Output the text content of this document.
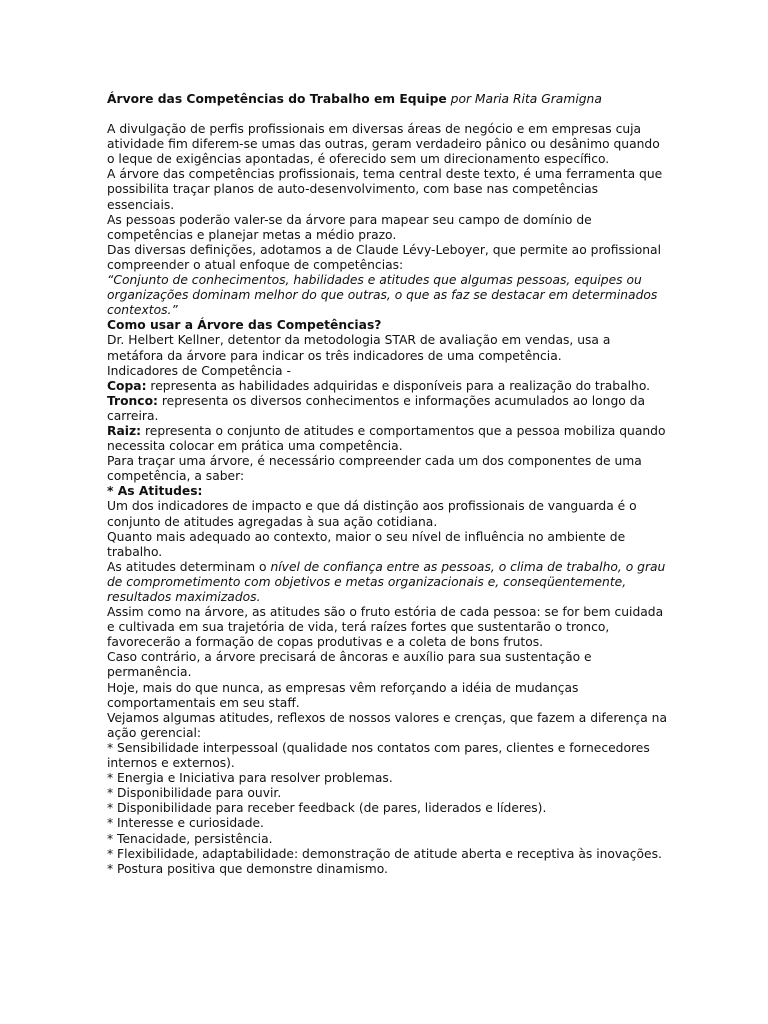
Árvore das Competências do Trabalho em Equipe por Maria Rita Gramigna

A divulgação de perfis profissionais em diversas áreas de negócio e em empresas cuja atividade fim diferem-se umas das outras, geram verdadeiro pânico ou desânimo quando o leque de exigências apontadas, é oferecido sem um direcionamento específico.

A árvore das competências profissionais, tema central deste texto, é uma ferramenta que possibilita traçar planos de auto-desenvolvimento, com base nas competências essenciais.

As pessoas poderão valer-se da árvore para mapear seu campo de domínio de competências e planejar metas a médio prazo.

Das diversas definições, adotamos a de Claude Lévy-Leboyer, que permite ao profissional compreender o atual enfoque de competências:

“Conjunto de conhecimentos, habilidades e atitudes que algumas pessoas, equipes ou organizações dominam melhor do que outras, o que as faz se destacar em determinados contextos.”

Como usar a Árvore das Competências?

Dr. Helbert Kellner, detentor da metodologia STAR de avaliação em vendas, usa a metáfora da árvore para indicar os três indicadores de uma competência.

Indicadores de Competência -

Copa: representa as habilidades adquiridas e disponíveis para a realização do trabalho.

Tronco: representa os diversos conhecimentos e informações acumulados ao longo da carreira.

Raiz: representa o conjunto de atitudes e comportamentos que a pessoa mobiliza quando necessita colocar em prática uma competência.

Para traçar uma árvore, é necessário compreender cada um dos componentes de uma competência, a saber:

* As Atitudes:

Um dos indicadores de impacto e que dá distinção aos profissionais de vanguarda é o conjunto de atitudes agregadas à sua ação cotidiana.

Quanto mais adequado ao contexto, maior o seu nível de influência no ambiente de trabalho.

As atitudes determinam o nível de confiança entre as pessoas, o clima de trabalho, o grau de comprometimento com objetivos e metas organizacionais e, conseqüentemente, resultados maximizados.

Assim como na árvore, as atitudes são o fruto estória de cada pessoa: se for bem cuidada e cultivada em sua trajetória de vida, terá raízes fortes que sustentarão o tronco, favorecerão a formação de copas produtivas e a coleta de bons frutos.

Caso contrário, a árvore precisará de âncoras e auxílio para sua sustentação e permanência.

Hoje, mais do que nunca, as empresas vêm reforçando a idéia de mudanças comportamentais em seu staff.

Vejamos algumas atitudes, reflexos de nossos valores e crenças, que fazem a diferença na ação gerencial:

* Sensibilidade interpessoal (qualidade nos contatos com pares, clientes e fornecedores internos e externos).

* Energia e Iniciativa para resolver problemas.

* Disponibilidade para ouvir.

* Disponibilidade para receber feedback (de pares, liderados e líderes).

* Interesse e curiosidade.

* Tenacidade, persistência.

* Flexibilidade, adaptabilidade: demonstração de atitude aberta e receptiva às inovações.

* Postura positiva que demonstre dinamismo.
